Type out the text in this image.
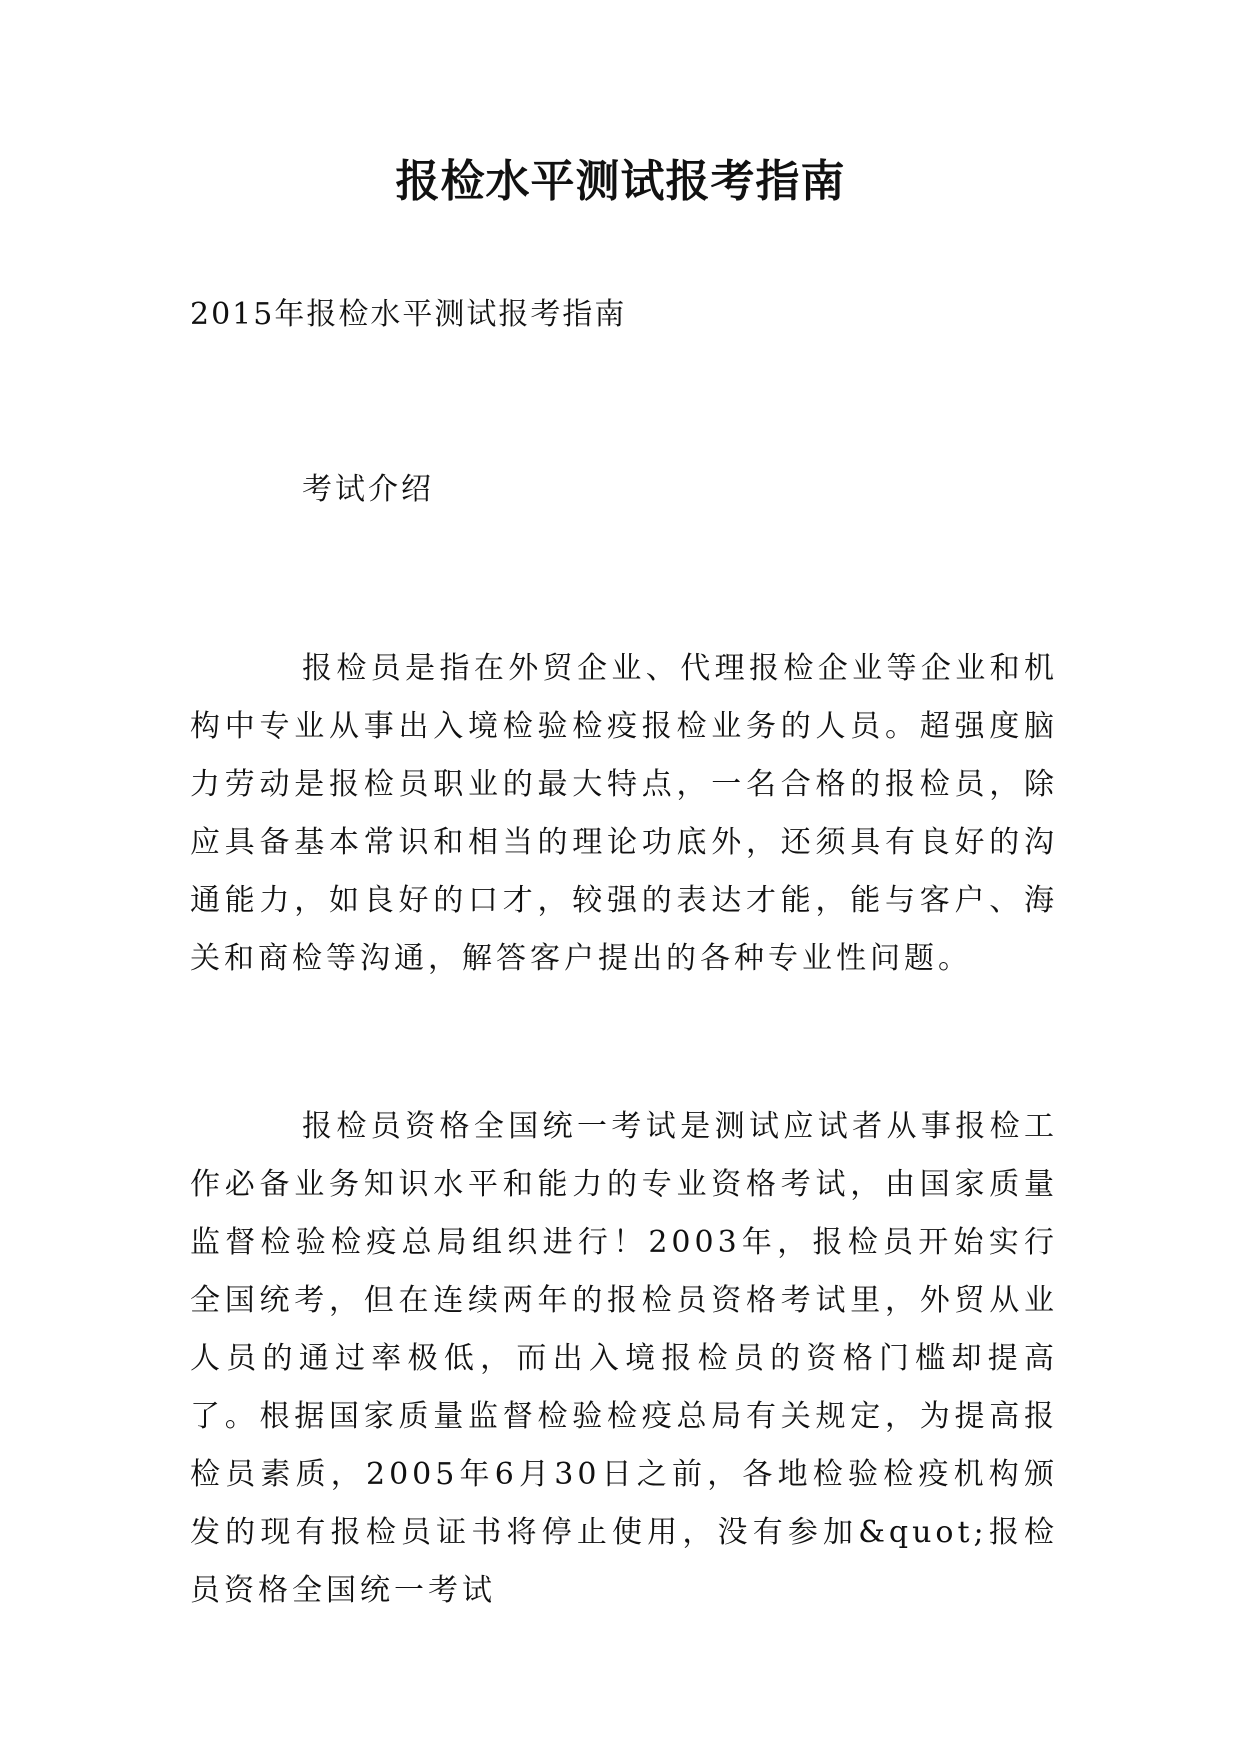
报检水平测试报考指南
2015年报检水平测试报考指南
考试介绍

报检员是指在外贸企业、代理报检企业等企业和机构中专业从事出入境检验检疫报检业务的人员。超强度脑力劳动是报检员职业的最大特点，一名合格的报检员，除应具备基本常识和相当的理论功底外，还须具有良好的沟通能力，如良好的口才，较强的表达才能，能与客户、海关和商检等沟通，解答客户提出的各种专业性问题。

报检员资格全国统一考试是测试应试者从事报检工作必备业务知识水平和能力的专业资格考试，由国家质量监督检验检疫总局组织进行！2003年，报检员开始实行全国统考，但在连续两年的报检员资格考试里，外贸从业人员的通过率极低，而出入境报检员的资格门槛却提高了。根据国家质量监督检验检疫总局有关规定，为提高报检员素质，2005年6月30日之前，各地检验检疫机构颁发的现有报检员证书将停止使用，没有参加&quot;报检员资格全国统一考试
